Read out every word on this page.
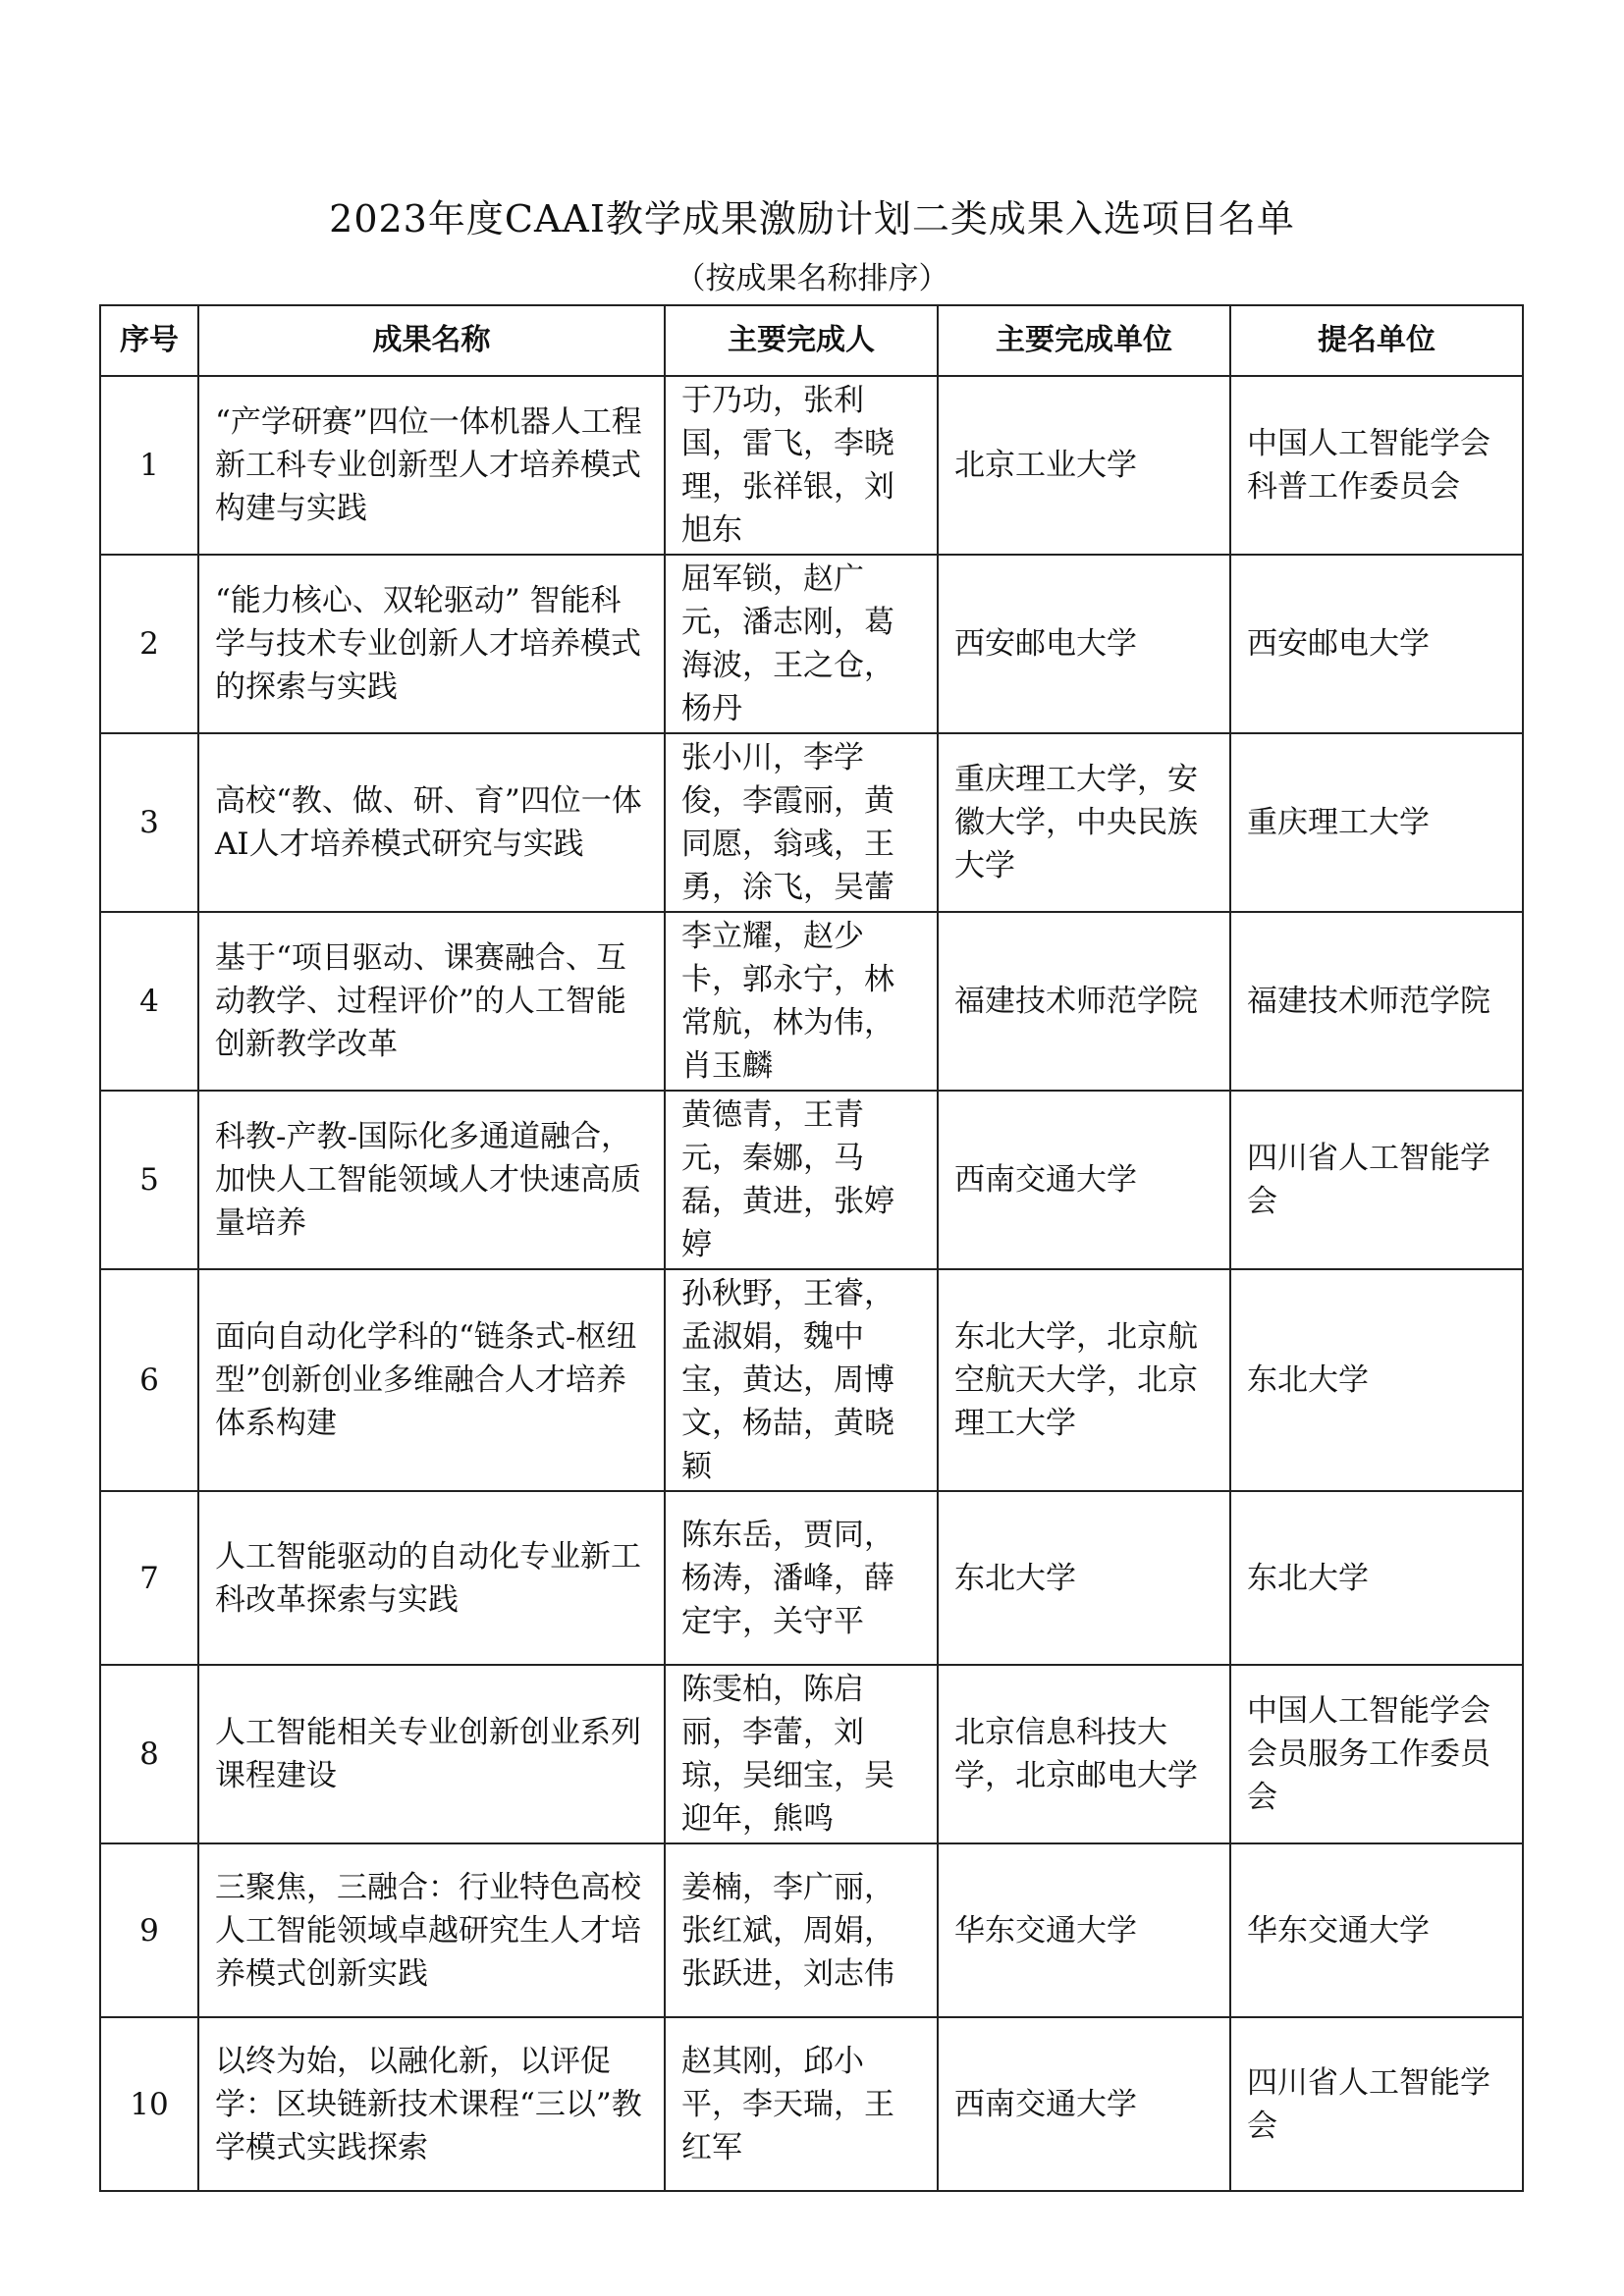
2023年度CAAI教学成果激励计划二类成果入选项目名单
（按成果名称排序）
序号	成果名称	主要完成人	主要完成单位	提名单位
1	“产学研赛”四位一体机器人工程新工科专业创新型人才培养模式构建与实践	于乃功，张利国，雷飞，李晓理，张祥银，刘旭东	北京工业大学	中国人工智能学会科普工作委员会
2	“能力核心、双轮驱动” 智能科学与技术专业创新人才培养模式的探索与实践	屈军锁，赵广元，潘志刚，葛海波，王之仓，杨丹	西安邮电大学	西安邮电大学
3	高校“教、做、研、育”四位一体AI人才培养模式研究与实践	张小川，李学俊，李霞丽，黄同愿，翁彧，王勇，涂飞，吴蕾	重庆理工大学，安徽大学，中央民族大学	重庆理工大学
4	基于“项目驱动、课赛融合、互动教学、过程评价”的人工智能创新教学改革	李立耀，赵少卡，郭永宁，林常航，林为伟，肖玉麟	福建技术师范学院	福建技术师范学院
5	科教-产教-国际化多通道融合，加快人工智能领域人才快速高质量培养	黄德青，王青元，秦娜，马磊，黄进，张婷婷	西南交通大学	四川省人工智能学会
6	面向自动化学科的“链条式-枢纽型”创新创业多维融合人才培养体系构建	孙秋野，王睿，孟淑娟，魏中宝，黄达，周博文，杨喆，黄晓颖	东北大学，北京航空航天大学，北京理工大学	东北大学
7	人工智能驱动的自动化专业新工科改革探索与实践	陈东岳，贾同，杨涛，潘峰，薛定宇，关守平	东北大学	东北大学
8	人工智能相关专业创新创业系列课程建设	陈雯柏，陈启丽，李蕾，刘琼，吴细宝，吴迎年，熊鸣	北京信息科技大学，北京邮电大学	中国人工智能学会会员服务工作委员会
9	三聚焦，三融合：行业特色高校人工智能领域卓越研究生人才培养模式创新实践	姜楠，李广丽，张红斌，周娟，张跃进，刘志伟	华东交通大学	华东交通大学
10	以终为始，以融化新，以评促学：区块链新技术课程“三以”教学模式实践探索	赵其刚，邱小平，李天瑞，王红军	西南交通大学	四川省人工智能学会
